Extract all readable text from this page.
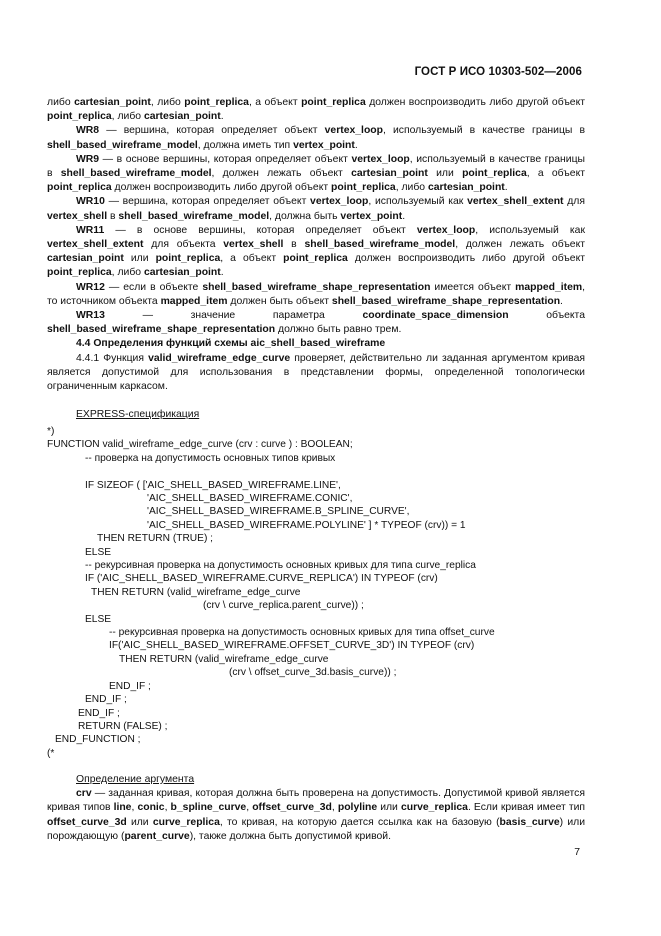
ГОСТ Р ИСО 10303-502—2006

либо cartesian_point, либо point_replica, а объект point_replica должен воспроизводить либо другой объект point_replica, либо cartesian_point.

WR8 — вершина, которая определяет объект vertex_loop, используемый в качестве границы в shell_based_wireframe_model, должна иметь тип vertex_point.

WR9 — в основе вершины, которая определяет объект vertex_loop, используемый в качестве границы в shell_based_wireframe_model, должен лежать объект cartesian_point или point_replica, а объект point_replica должен воспроизводить либо другой объект point_replica, либо cartesian_point.

WR10 — вершина, которая определяет объект vertex_loop, используемый как vertex_shell_extent для vertex_shell в shell_based_wireframe_model, должна быть vertex_point.

WR11 — в основе вершины, которая определяет объект vertex_loop, используемый как vertex_shell_extent для объекта vertex_shell в shell_based_wireframe_model, должен лежать объект cartesian_point или point_replica, а объект point_replica должен воспроизводить либо другой объект point_replica, либо cartesian_point.

WR12 — если в объекте shell_based_wireframe_shape_representation имеется объект mapped_item, то источником объекта mapped_item должен быть объект shell_based_wireframe_shape_representation.

WR13 — значение параметра coordinate_space_dimension объекта shell_based_wireframe_shape_representation должно быть равно трем.

4.4 Определения функций схемы aic_shell_based_wireframe

4.4.1 Функция valid_wireframe_edge_curve проверяет, действительно ли заданная аргументом кривая является допустимой для использования в представлении формы, определенной топологически ограниченным каркасом.

EXPRESS-спецификация

*)
FUNCTION valid_wireframe_edge_curve (crv : curve ) : BOOLEAN;
-- проверка на допустимость основных типов кривых
IF SIZEOF ( ['AIC_SHELL_BASED_WIREFRAME.LINE',
'AIC_SHELL_BASED_WIREFRAME.CONIC',
'AIC_SHELL_BASED_WIREFRAME.B_SPLINE_CURVE',
'AIC_SHELL_BASED_WIREFRAME.POLYLINE' ] * TYPEOF (crv)) = 1
THEN RETURN (TRUE) ;
ELSE
-- рекурсивная проверка на допустимость основных кривых для типа curve_replica
IF ('AIC_SHELL_BASED_WIREFRAME.CURVE_REPLICA') IN TYPEOF (crv)
THEN RETURN (valid_wireframe_edge_curve
(crv \ curve_replica.parent_curve)) ;
ELSE
-- рекурсивная проверка на допустимость основных кривых для типа offset_curve
IF('AIC_SHELL_BASED_WIREFRAME.OFFSET_CURVE_3D') IN TYPEOF (crv)
THEN RETURN (valid_wireframe_edge_curve
(crv \ offset_curve_3d.basis_curve)) ;
END_IF ;
END_IF ;
END_IF ;
RETURN (FALSE) ;
END_FUNCTION ;
(*

Определение аргумента

crv — заданная кривая, которая должна быть проверена на допустимость. Допустимой кривой является кривая типов line, conic, b_spline_curve, offset_curve_3d, polyline или curve_replica. Если кривая имеет тип offset_curve_3d или curve_replica, то кривая, на которую дается ссылка как на базовую (basis_curve) или порождающую (parent_curve), также должна быть допустимой кривой.

7
